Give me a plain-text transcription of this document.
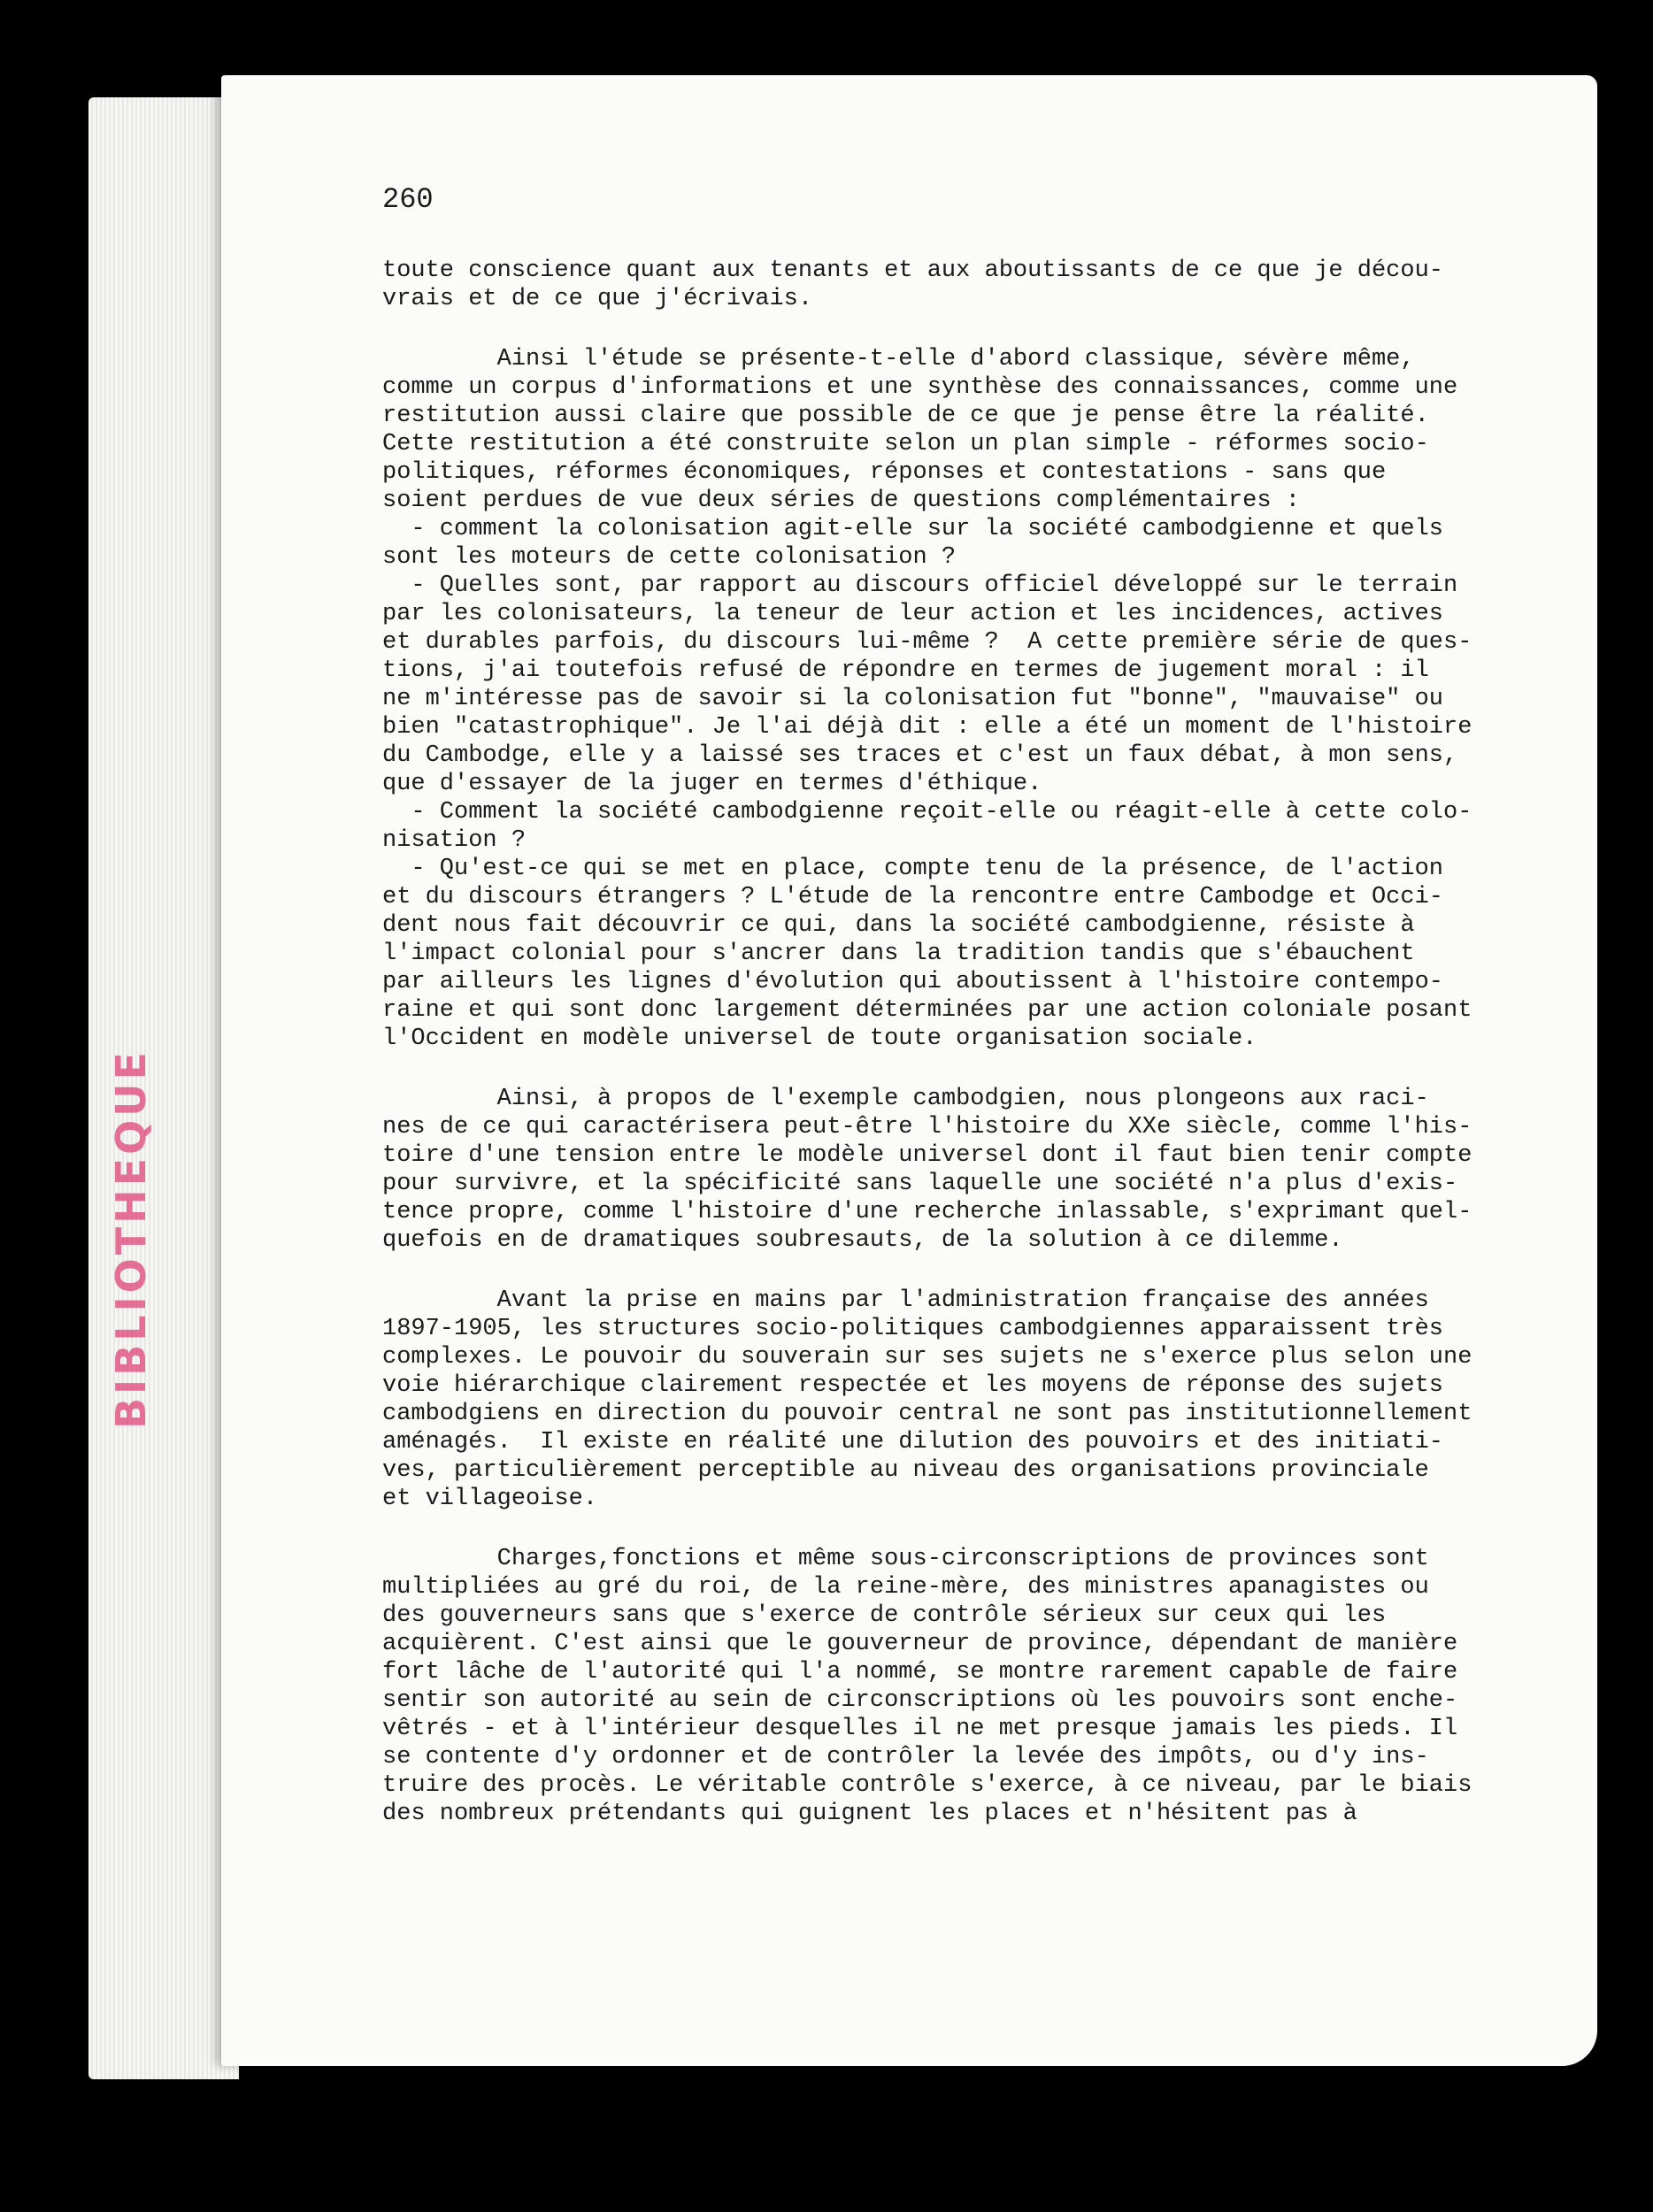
BIBLIOTHEQUE
260
toute conscience quant aux tenants et aux aboutissants de ce que je décou-
vrais et de ce que j'écrivais.
Ainsi l'étude se présente-t-elle d'abord classique, sévère même,
comme un corpus d'informations et une synthèse des connaissances, comme une
restitution aussi claire que possible de ce que je pense être la réalité.
Cette restitution a été construite selon un plan simple - réformes socio-
politiques, réformes économiques, réponses et contestations - sans que
soient perdues de vue deux séries de questions complémentaires :
- comment la colonisation agit-elle sur la société cambodgienne et quels
sont les moteurs de cette colonisation ?
- Quelles sont, par rapport au discours officiel développé sur le terrain
par les colonisateurs, la teneur de leur action et les incidences, actives
et durables parfois, du discours lui-même ?  A cette première série de ques-
tions, j'ai toutefois refusé de répondre en termes de jugement moral : il
ne m'intéresse pas de savoir si la colonisation fut "bonne", "mauvaise" ou
bien "catastrophique". Je l'ai déjà dit : elle a été un moment de l'histoire
du Cambodge, elle y a laissé ses traces et c'est un faux débat, à mon sens,
que d'essayer de la juger en termes d'éthique.
- Comment la société cambodgienne reçoit-elle ou réagit-elle à cette colo-
nisation ?
- Qu'est-ce qui se met en place, compte tenu de la présence, de l'action
et du discours étrangers ? L'étude de la rencontre entre Cambodge et Occi-
dent nous fait découvrir ce qui, dans la société cambodgienne, résiste à
l'impact colonial pour s'ancrer dans la tradition tandis que s'ébauchent
par ailleurs les lignes d'évolution qui aboutissent à l'histoire contempo-
raine et qui sont donc largement déterminées par une action coloniale posant
l'Occident en modèle universel de toute organisation sociale.
Ainsi, à propos de l'exemple cambodgien, nous plongeons aux raci-
nes de ce qui caractérisera peut-être l'histoire du XXe siècle, comme l'his-
toire d'une tension entre le modèle universel dont il faut bien tenir compte
pour survivre, et la spécificité sans laquelle une société n'a plus d'exis-
tence propre, comme l'histoire d'une recherche inlassable, s'exprimant quel-
quefois en de dramatiques soubresauts, de la solution à ce dilemme.
Avant la prise en mains par l'administration française des années
1897-1905, les structures socio-politiques cambodgiennes apparaissent très
complexes. Le pouvoir du souverain sur ses sujets ne s'exerce plus selon une
voie hiérarchique clairement respectée et les moyens de réponse des sujets
cambodgiens en direction du pouvoir central ne sont pas institutionnellement
aménagés.  Il existe en réalité une dilution des pouvoirs et des initiati-
ves, particulièrement perceptible au niveau des organisations provinciale
et villageoise.
Charges,fonctions et même sous-circonscriptions de provinces sont
multipliées au gré du roi, de la reine-mère, des ministres apanagistes ou
des gouverneurs sans que s'exerce de contrôle sérieux sur ceux qui les
acquièrent. C'est ainsi que le gouverneur de province, dépendant de manière
fort lâche de l'autorité qui l'a nommé, se montre rarement capable de faire
sentir son autorité au sein de circonscriptions où les pouvoirs sont enche-
vêtrés - et à l'intérieur desquelles il ne met presque jamais les pieds. Il
se contente d'y ordonner et de contrôler la levée des impôts, ou d'y ins-
truire des procès. Le véritable contrôle s'exerce, à ce niveau, par le biais
des nombreux prétendants qui guignent les places et n'hésitent pas à
